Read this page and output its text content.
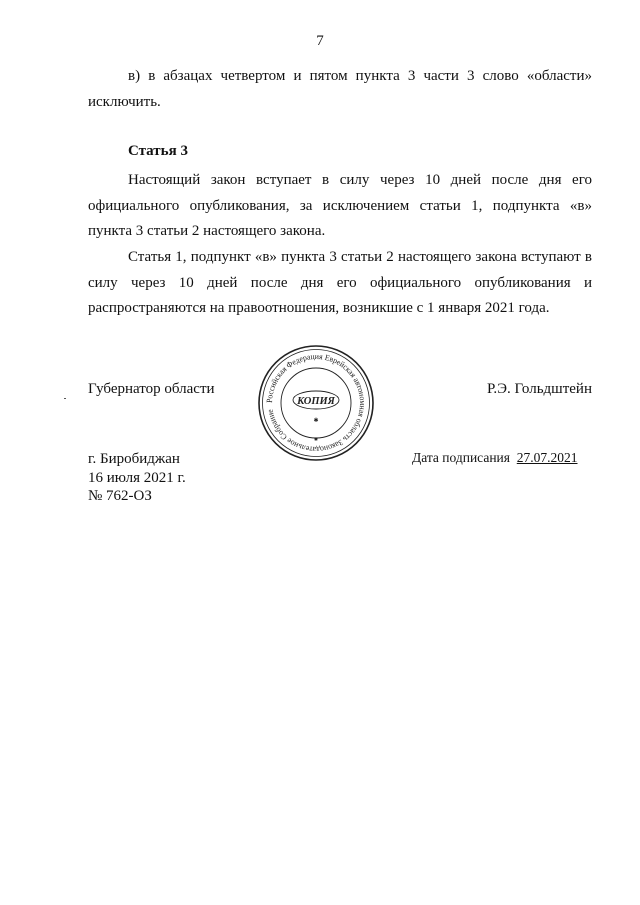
7

в) в абзацах четвертом и пятом пункта 3 части 3 слово «области» исключить.

Статья 3

Настоящий закон вступает в силу через 10 дней после дня его официального опубликования, за исключением статьи 1, подпункта «в» пункта 3 статьи 2 настоящего закона.

Статья 1, подпункт «в» пункта 3 статьи 2 настоящего закона вступают в силу через 10 дней после дня его официального опубликования и распространяются на правоотношения, возникшие с 1 января 2021 года.

Губернатор области	Р.Э. Гольдштейн
Российская Федерация Еврейская автономная область Законодательное Собрание
КОПИЯ
✱
✱
г. Биробиджан
16 июля 2021 г.
№ 762-ОЗ
Дата подписания 27.07.2021
